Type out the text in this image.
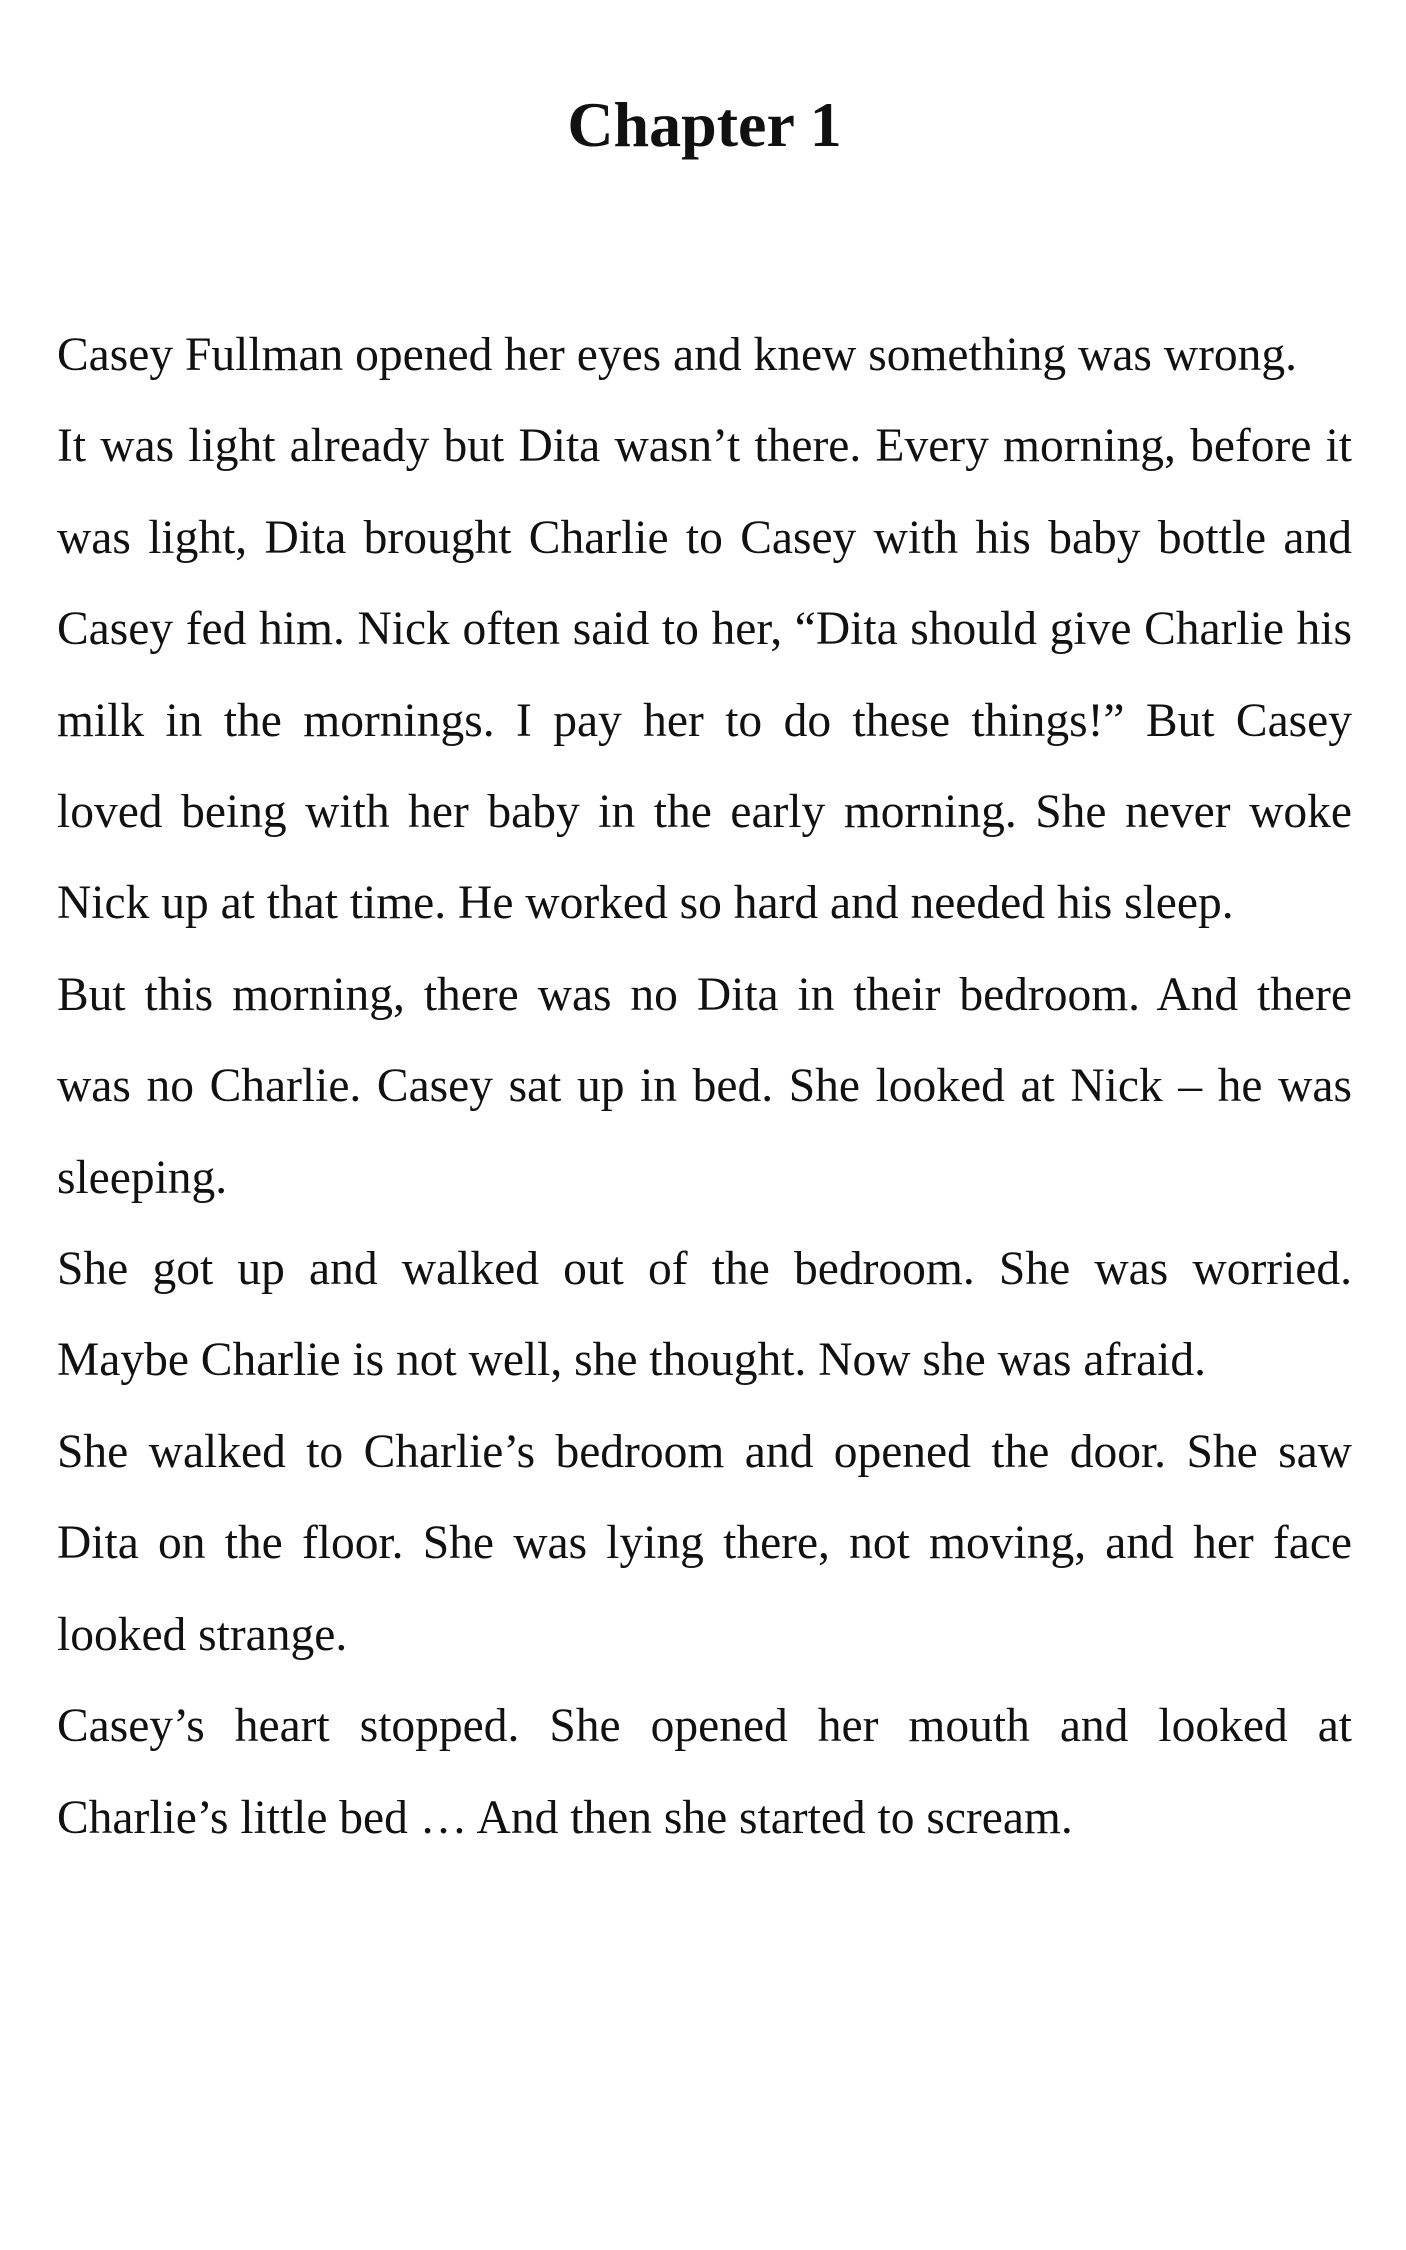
Chapter 1

Casey Fullman opened her eyes and knew something was wrong.

It was light already but Dita wasn’t there. Every morning, before it was light, Dita brought Charlie to Casey with his baby bottle and Casey fed him. Nick often said to her, “Dita should give Charlie his milk in the mornings. I pay her to do these things!” But Casey loved being with her baby in the early morning. She never woke Nick up at that time. He worked so hard and needed his sleep.

But this morning, there was no Dita in their bedroom. And there was no Charlie. Casey sat up in bed. She looked at Nick – he was sleeping.

She got up and walked out of the bedroom. She was worried. Maybe Charlie is not well, she thought. Now she was afraid.

She walked to Charlie’s bedroom and opened the door. She saw Dita on the floor. She was lying there, not moving, and her face looked strange.

Casey’s heart stopped. She opened her mouth and looked at Charlie’s little bed … And then she started to scream.
